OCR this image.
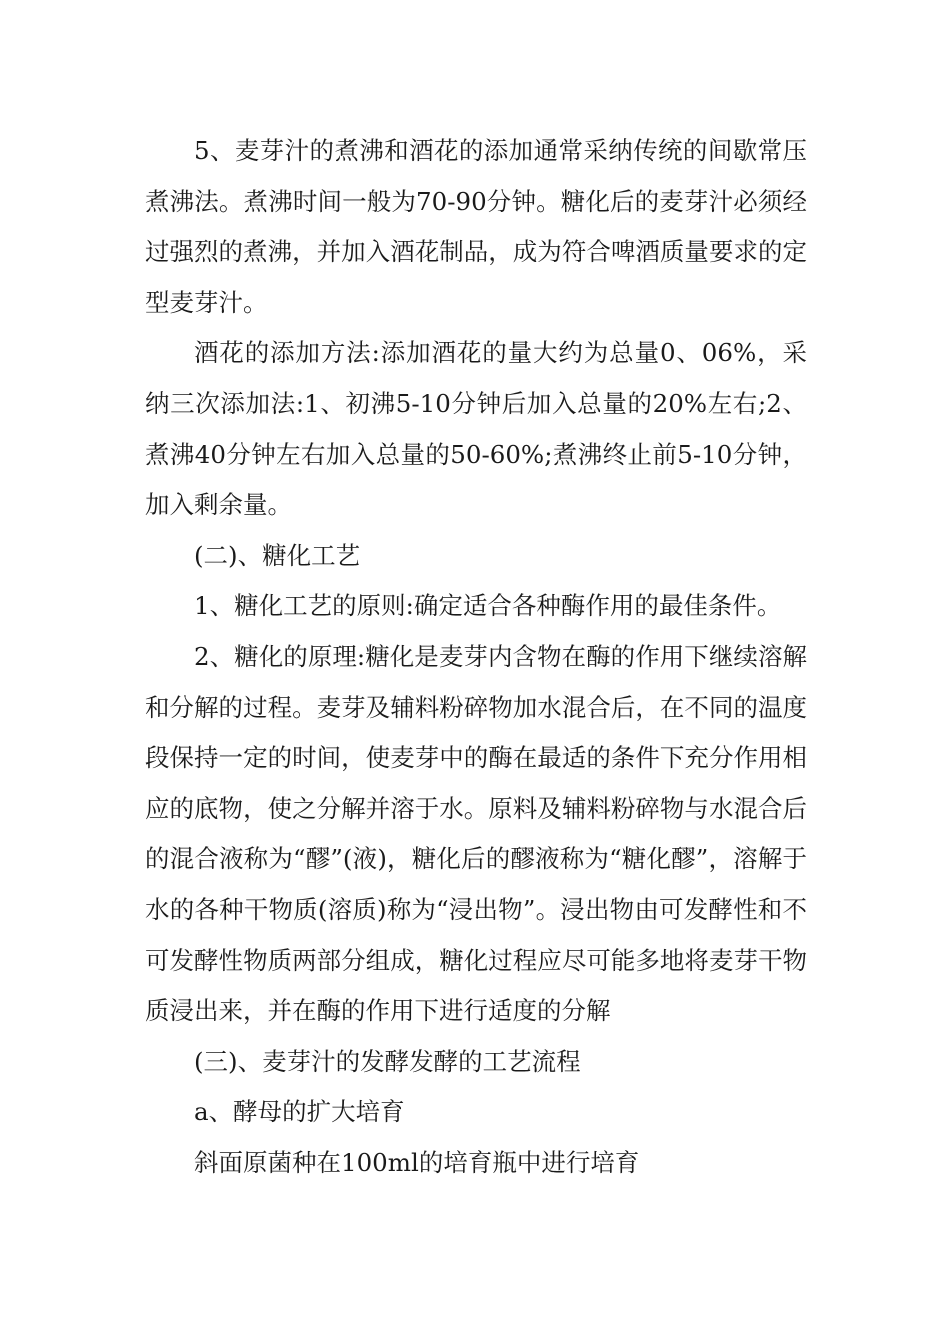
5、麦芽汁的煮沸和酒花的添加通常采纳传统的间歇常压煮沸法。煮沸时间一般为70-90分钟。糖化后的麦芽汁必须经过强烈的煮沸，并加入酒花制品，成为符合啤酒质量要求的定型麦芽汁。

酒花的添加方法:添加酒花的量大约为总量0、06%，采纳三次添加法:1、初沸5-10分钟后加入总量的20%左右;2、煮沸40分钟左右加入总量的50-60%;煮沸终止前5-10分钟，加入剩余量。

(二)、糖化工艺

1、糖化工艺的原则:确定适合各种酶作用的最佳条件。

2、糖化的原理:糖化是麦芽内含物在酶的作用下继续溶解和分解的过程。麦芽及辅料粉碎物加水混合后，在不同的温度段保持一定的时间，使麦芽中的酶在最适的条件下充分作用相应的底物，使之分解并溶于水。原料及辅料粉碎物与水混合后的混合液称为“醪”(液)，糖化后的醪液称为“糖化醪”，溶解于水的各种干物质(溶质)称为“浸出物”。浸出物由可发酵性和不可发酵性物质两部分组成，糖化过程应尽可能多地将麦芽干物质浸出来，并在酶的作用下进行适度的分解

(三)、麦芽汁的发酵发酵的工艺流程

a、酵母的扩大培育

斜面原菌种在100ml的培育瓶中进行培育
